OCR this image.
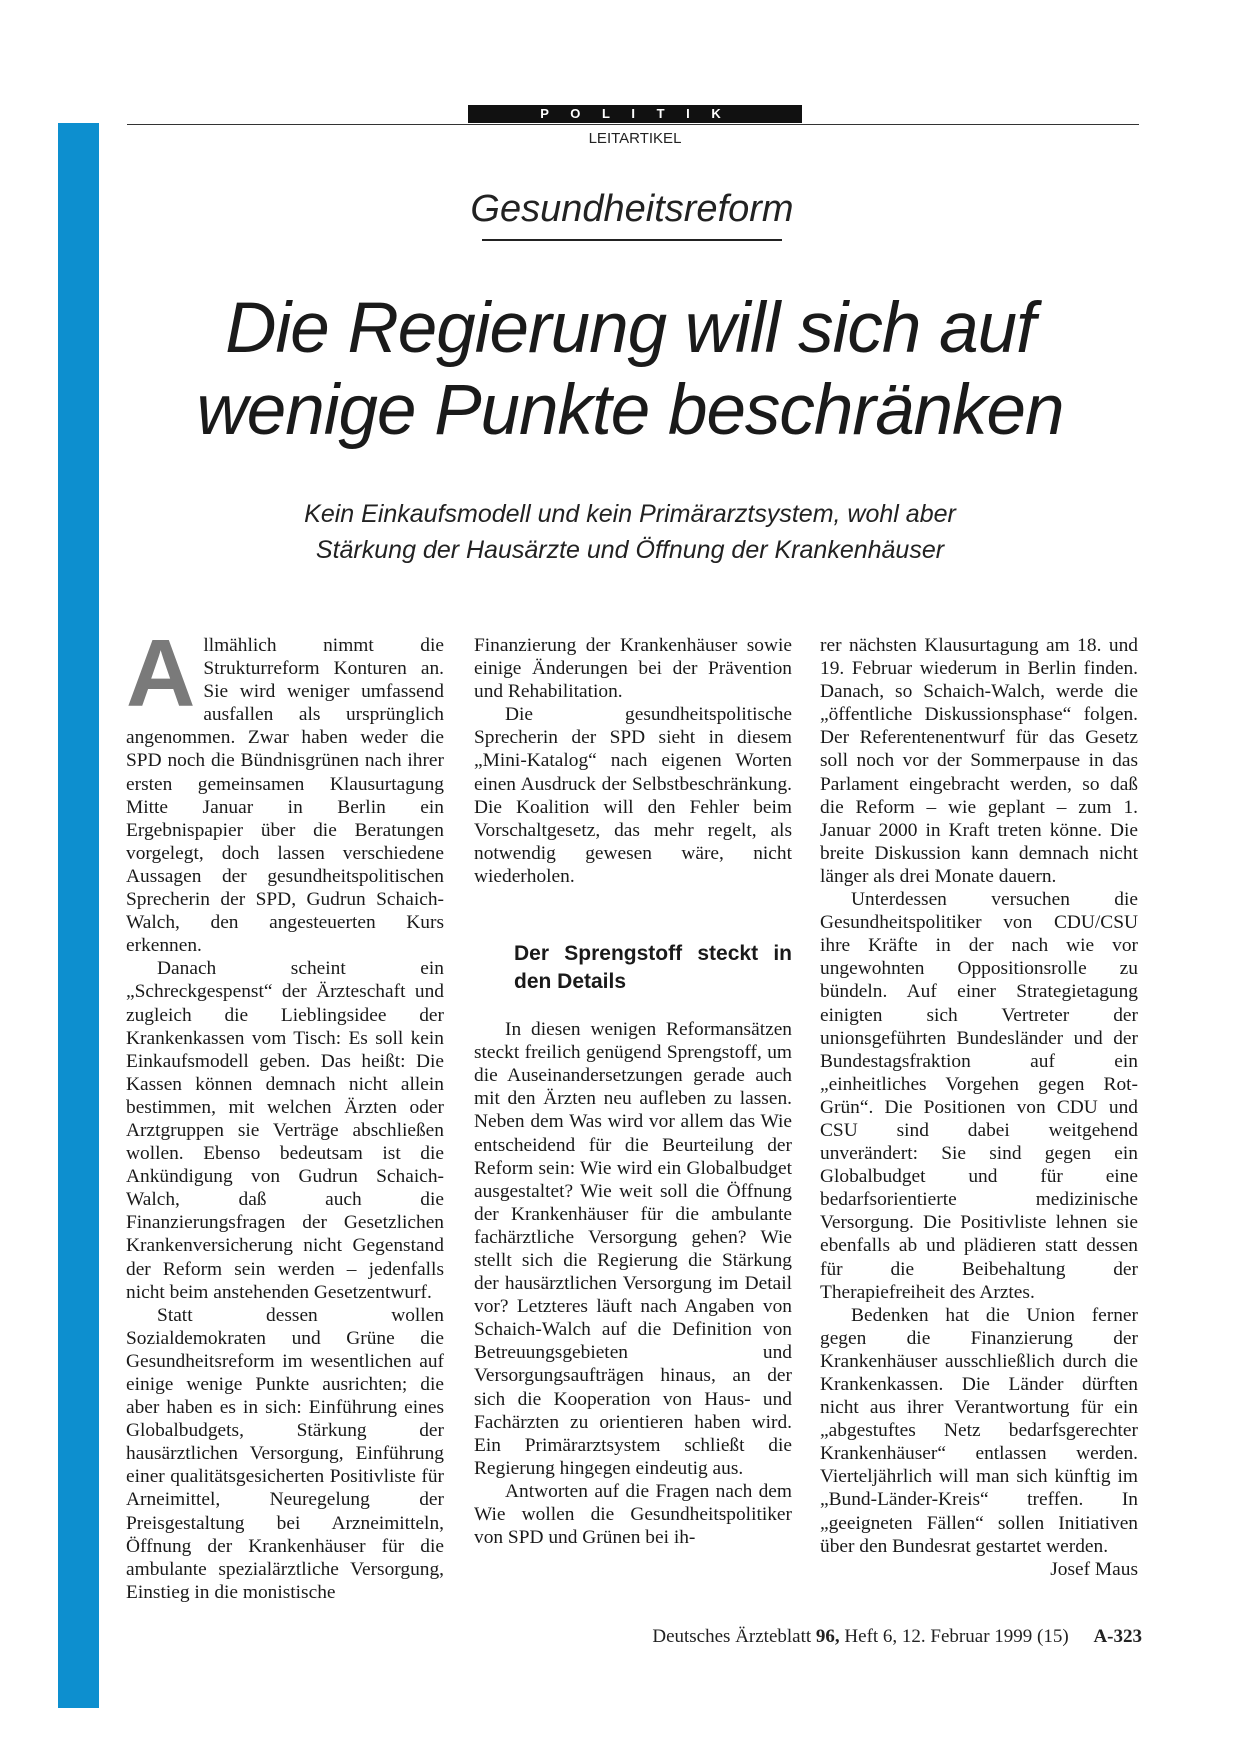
P O L I T I K
LEITARTIKEL
Gesundheitsreform
Die Regierung will sich auf
wenige Punkte beschränken
Kein Einkaufsmodell und kein Primärarztsystem, wohl aber
Stärkung der Hausärzte und Öffnung der Krankenhäuser

Allmählich nimmt die Strukturreform Konturen an. Sie wird weniger umfassend ausfallen als ursprünglich angenommen. Zwar haben weder die SPD noch die Bündnisgrünen nach ihrer ersten gemeinsamen Klausurtagung Mitte Januar in Berlin ein Ergebnispapier über die Beratungen vorgelegt, doch lassen verschiedene Aussagen der gesundheitspolitischen Sprecherin der SPD, Gudrun Schaich-Walch, den angesteuerten Kurs erkennen.

Danach scheint ein „Schreckgespenst“ der Ärzteschaft und zugleich die Lieblingsidee der Krankenkassen vom Tisch: Es soll kein Einkaufsmodell geben. Das heißt: Die Kassen können demnach nicht allein bestimmen, mit welchen Ärzten oder Arztgruppen sie Verträge abschließen wollen. Ebenso bedeutsam ist die Ankündigung von Gudrun Schaich-Walch, daß auch die Finanzierungsfragen der Gesetzlichen Krankenversicherung nicht Gegenstand der Reform sein werden – jedenfalls nicht beim anstehenden Gesetzentwurf.

Statt dessen wollen Sozialdemokraten und Grüne die Gesundheitsreform im wesentlichen auf einige wenige Punkte ausrichten; die aber haben es in sich: Einführung eines Globalbudgets, Stärkung der hausärztlichen Versorgung, Einführung einer qualitätsgesicherten Positivliste für Arneimittel, Neuregelung der Preisgestaltung bei Arzneimitteln, Öffnung der Krankenhäuser für die ambulante spezialärztliche Versorgung, Einstieg in die monistische

Finanzierung der Krankenhäuser sowie einige Änderungen bei der Prävention und Rehabilitation.

Die gesundheitspolitische Sprecherin der SPD sieht in diesem „Mini-Katalog“ nach eigenen Worten einen Ausdruck der Selbstbeschränkung. Die Koalition will den Fehler beim Vorschaltgesetz, das mehr regelt, als notwendig gewesen wäre, nicht wiederholen.

Der Sprengstoff steckt in den Details

In diesen wenigen Reformansätzen steckt freilich genügend Sprengstoff, um die Auseinandersetzungen gerade auch mit den Ärzten neu aufleben zu lassen. Neben dem Was wird vor allem das Wie entscheidend für die Beurteilung der Reform sein: Wie wird ein Globalbudget ausgestaltet? Wie weit soll die Öffnung der Krankenhäuser für die ambulante fachärztliche Versorgung gehen? Wie stellt sich die Regierung die Stärkung der hausärztlichen Versorgung im Detail vor? Letzteres läuft nach Angaben von Schaich-Walch auf die Definition von Betreuungsgebieten und Versorgungsaufträgen hinaus, an der sich die Kooperation von Haus- und Fachärzten zu orientieren haben wird. Ein Primärarztsystem schließt die Regierung hingegen eindeutig aus.

Antworten auf die Fragen nach dem Wie wollen die Gesundheitspolitiker von SPD und Grünen bei ih-

rer nächsten Klausurtagung am 18. und 19. Februar wiederum in Berlin finden. Danach, so Schaich-Walch, werde die „öffentliche Diskussionsphase“ folgen. Der Referentenentwurf für das Gesetz soll noch vor der Sommerpause in das Parlament eingebracht werden, so daß die Reform – wie geplant – zum 1. Januar 2000 in Kraft treten könne. Die breite Diskussion kann demnach nicht länger als drei Monate dauern.

Unterdessen versuchen die Gesundheitspolitiker von CDU/CSU ihre Kräfte in der nach wie vor ungewohnten Oppositionsrolle zu bündeln. Auf einer Strategietagung einigten sich Vertreter der unionsgeführten Bundesländer und der Bundestagsfraktion auf ein „einheitliches Vorgehen gegen Rot-Grün“. Die Positionen von CDU und CSU sind dabei weitgehend unverändert: Sie sind gegen ein Globalbudget und für eine bedarfsorientierte medizinische Versorgung. Die Positivliste lehnen sie ebenfalls ab und plädieren statt dessen für die Beibehaltung der Therapiefreiheit des Arztes.

Bedenken hat die Union ferner gegen die Finanzierung der Krankenhäuser ausschließlich durch die Krankenkassen. Die Länder dürften nicht aus ihrer Verantwortung für ein „abgestuftes Netz bedarfsgerechter Krankenhäuser“ entlassen werden. Vierteljährlich will man sich künftig im „Bund-Länder-Kreis“ treffen. In „geeigneten Fällen“ sollen Initiativen über den Bundesrat gestartet werden.
Josef Maus

Deutsches Ärzteblatt 96, Heft 6, 12. Februar 1999 (15) A-323
